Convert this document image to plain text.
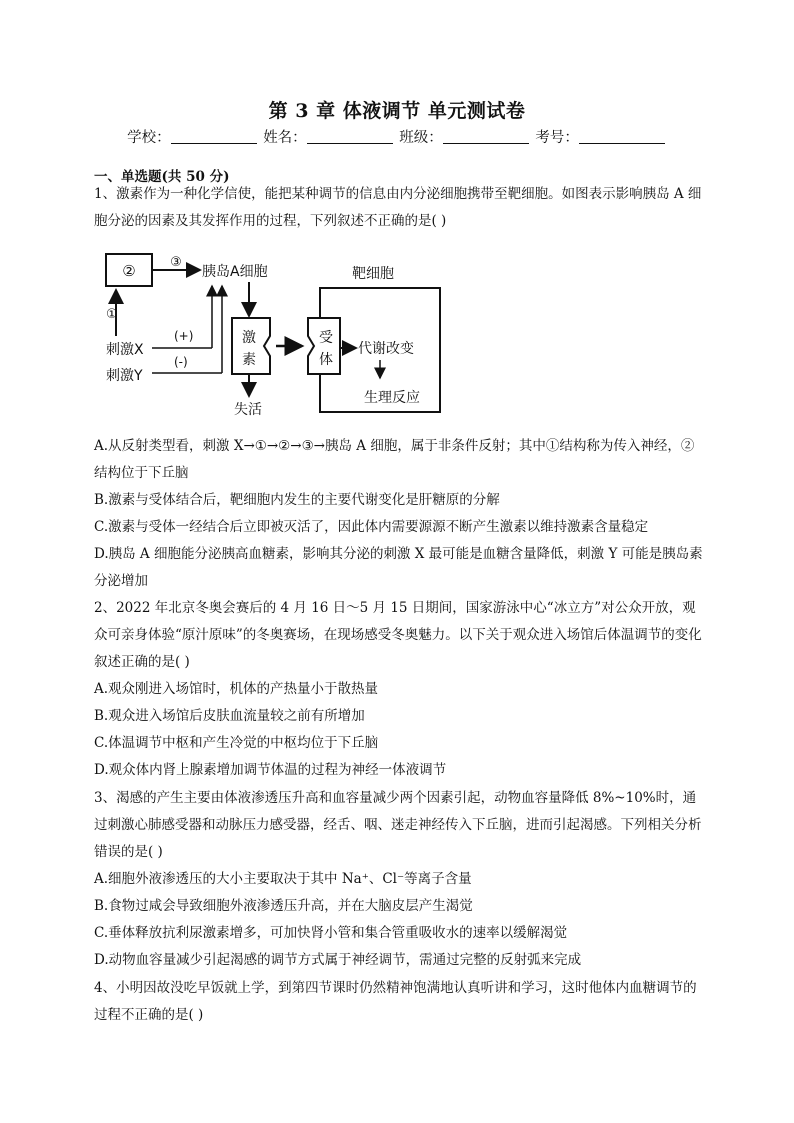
第 3 章 体液调节 单元测试卷
学校：	姓名：	班级：	考号：
一、单选题(共 50 分)

1、激素作为一种化学信使，能把某种调节的信息由内分泌细胞携带至靶细胞。如图表示影响胰岛 A 细胞分泌的因素及其发挥作用的过程，下列叙述不正确的是( )

②	③
胰岛A细胞
①
刺激X
刺激Y
(+)
(-)
激
素
失活
靶细胞
受
体
代谢改变
生理反应

A.从反射类型看，刺激 X→①→②→③→胰岛 A 细胞，属于非条件反射；其中①结构称为传入神经，②结构位于下丘脑

B.激素与受体结合后，靶细胞内发生的主要代谢变化是肝糖原的分解

C.激素与受体一经结合后立即被灭活了，因此体内需要源源不断产生激素以维持激素含量稳定

D.胰岛 A 细胞能分泌胰高血糖素，影响其分泌的刺激 X 最可能是血糖含量降低，刺激 Y 可能是胰岛素分泌增加

2、2022 年北京冬奥会赛后的 4 月 16 日～5 月 15 日期间，国家游泳中心“冰立方”对公众开放，观众可亲身体验“原汁原味”的冬奥赛场，在现场感受冬奥魅力。以下关于观众进入场馆后体温调节的变化叙述正确的是( )

A.观众刚进入场馆时，机体的产热量小于散热量

B.观众进入场馆后皮肤血流量较之前有所增加

C.体温调节中枢和产生冷觉的中枢均位于下丘脑

D.观众体内肾上腺素增加调节体温的过程为神经一体液调节

3、渴感的产生主要由体液渗透压升高和血容量减少两个因素引起，动物血容量降低 8%~10%时，通过刺激心肺感受器和动脉压力感受器，经舌、咽、迷走神经传入下丘脑，进而引起渴感。下列相关分析错误的是( )

A.细胞外液渗透压的大小主要取决于其中 Na⁺、Cl⁻等离子含量

B.食物过咸会导致细胞外液渗透压升高，并在大脑皮层产生渴觉

C.垂体释放抗利尿激素增多，可加快肾小管和集合管重吸收水的速率以缓解渴觉

D.动物血容量减少引起渴感的调节方式属于神经调节，需通过完整的反射弧来完成

4、小明因故没吃早饭就上学，到第四节课时仍然精神饱满地认真听讲和学习，这时他体内血糖调节的过程不正确的是( )
